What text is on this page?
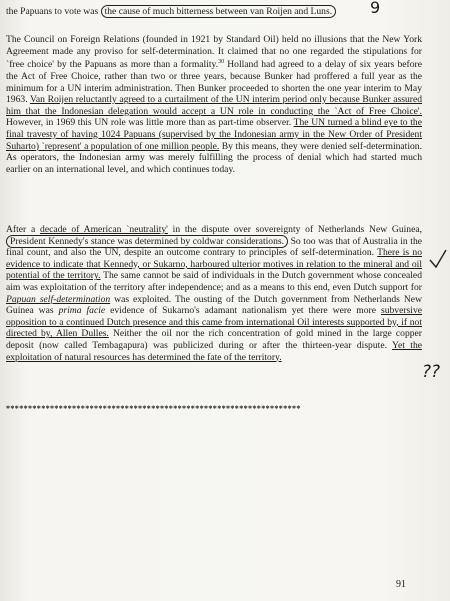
the Papuans to vote was the cause of much bitterness between van Roijen and Luns.

The Council on Foreign Relations (founded in 1921 by Standard Oil) held no illusions that the New York Agreement made any proviso for self-determination. It claimed that no one regarded the stipulations for `free choice' by the Papuans as more than a formality.$^{30}$ Holland had agreed to a delay of six years before the Act of Free Choice, rather than two or three years, because Bunker had proffered a full year as the minimum for a UN interim administration. Then Bunker proceeded to shorten the one year interim to May 1963. Van Roijen reluctantly agreed to a curtailment of the UN interim period only because Bunker assured him that the Indonesian delegation would accept a UN role in conducting the `Act of Free Choice'. However, in 1969 this UN role was little more than as part-time observer. The UN turned a blind eye to the final travesty of having 1024 Papuans (supervised by the Indonesian army in the New Order of President Suharto) `represent' a population of one million people. By this means, they were denied self-determination. As operators, the Indonesian army was merely fulfilling the process of denial which had started much earlier on an international level, and which continues today.

After a decade of American `neutrality' in the dispute over sovereignty of Netherlands New Guinea, President Kennedy's stance was determined by coldwar considerations. So too was that of Australia in the final count, and also the UN, despite an outcome contrary to principles of self-determination. There is no evidence to indicate that Kennedy, or Sukarno, harboured ulterior motives in relation to the mineral and oil potential of the territory. The same cannot be said of individuals in the Dutch government whose concealed aim was exploitation of the territory after independence; and as a means to this end, even Dutch support for Papuan self-determination was exploited. The ousting of the Dutch government from Netherlands New Guinea was prima facie evidence of Sukarno's adamant nationalism yet there were more subversive opposition to a continued Dutch presence and this came from international Oil interests supported by, if not directed by, Allen Dulles. Neither the oil nor the rich concentration of gold mined in the large copper deposit (now called Tembagapura) was publicized during or after the thirteen-year dispute. Yet the exploitation of natural resources has determined the fate of the territory.

*******************************************************************
91
9
??
